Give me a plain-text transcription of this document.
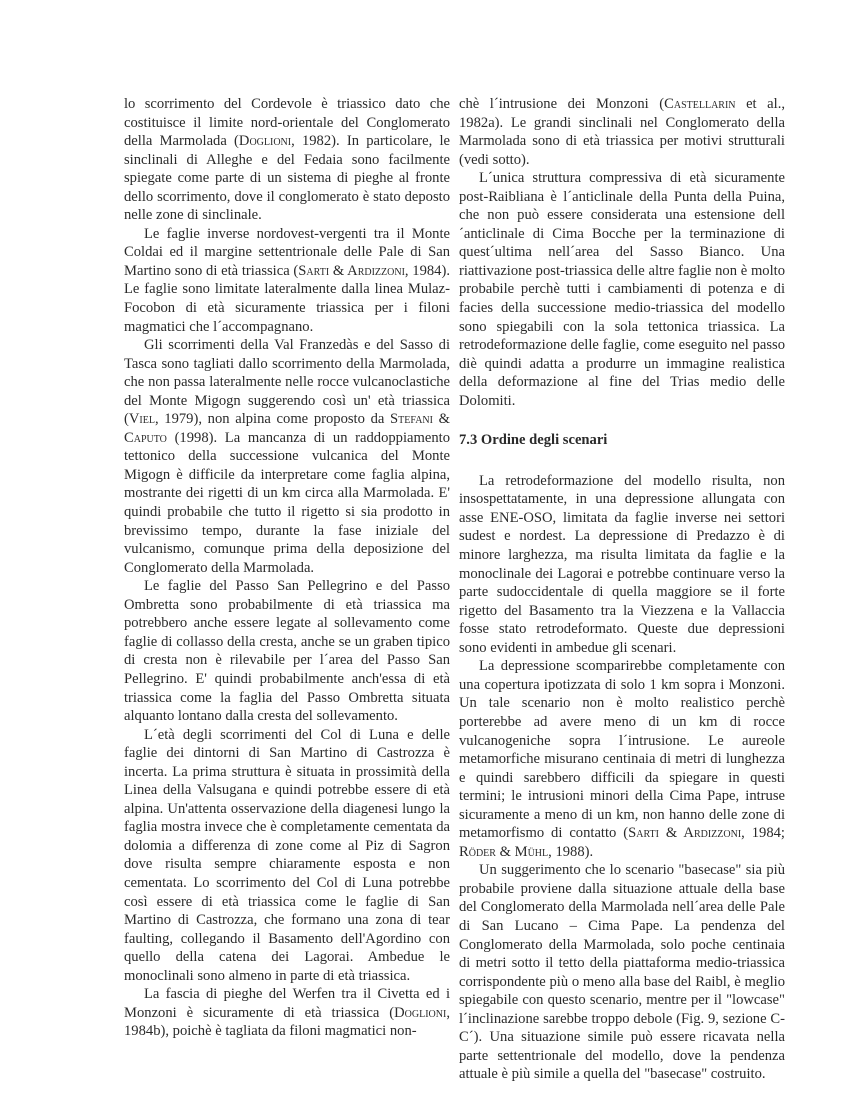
lo scorrimento del Cordevole è triassico dato che costituisce il limite nord-orientale del Conglomerato della Marmolada (Doglioni, 1982). In particolare, le sinclinali di Alleghe e del Fedaia sono facilmente spiegate come parte di un sistema di pieghe al fronte dello scorrimento, dove il conglomerato è stato deposto nelle zone di sinclinale.

Le faglie inverse nordovest-vergenti tra il Monte Coldai ed il margine settentrionale delle Pale di San Martino sono di età triassica (Sarti & Ardizzoni, 1984). Le faglie sono limitate lateralmente dalla linea Mulaz-Focobon di età sicuramente triassica per i filoni magmatici che l´accompagnano.

Gli scorrimenti della Val Franzedàs e del Sasso di Tasca sono tagliati dallo scorrimento della Marmolada, che non passa lateralmente nelle rocce vulcanoclastiche del Monte Migogn suggerendo così un' età triassica (Viel, 1979), non alpina come proposto da Stefani & Caputo (1998). La mancanza di un raddoppiamento tettonico della successione vulcanica del Monte Migogn è difficile da interpretare come faglia alpina, mostrante dei rigetti di un km circa alla Marmolada. E' quindi probabile che tutto il rigetto si sia prodotto in brevissimo tempo, durante la fase iniziale del vulcanismo, comunque prima della deposizione del Conglomerato della Marmolada.

Le faglie del Passo San Pellegrino e del Passo Ombretta sono probabilmente di età triassica ma potrebbero anche essere legate al sollevamento come faglie di collasso della cresta, anche se un graben tipico di cresta non è rilevabile per l´area del Passo San Pellegrino. E' quindi probabilmente anch'essa di età triassica come la faglia del Passo Ombretta situata alquanto lontano dalla cresta del sollevamento.

L´età degli scorrimenti del Col di Luna e delle faglie dei dintorni di San Martino di Castrozza è incerta. La prima struttura è situata in prossimità della Linea della Valsugana e quindi potrebbe essere di età alpina. Un'attenta osservazione della diagenesi lungo la faglia mostra invece che è completamente cementata da dolomia a differenza di zone come al Piz di Sagron dove risulta sempre chiaramente esposta e non cementata. Lo scorrimento del Col di Luna potrebbe così essere di età triassica come le faglie di San Martino di Castrozza, che formano una zona di tear faulting, collegando il Basamento dell'Agordino con quello della catena dei Lagorai. Ambedue le monoclinali sono almeno in parte di età triassica.

La fascia di pieghe del Werfen tra il Civetta ed i Monzoni è sicuramente di età triassica (Doglioni, 1984b), poichè è tagliata da filoni magmatici non-

chè l´intrusione dei Monzoni (Castellarin et al., 1982a). Le grandi sinclinali nel Conglomerato della Marmolada sono di età triassica per motivi strutturali (vedi sotto).

L´unica struttura compressiva di età sicuramente post-Raibliana è l´anticlinale della Punta della Puina, che non può essere considerata una estensione dell´anticlinale di Cima Bocche per la terminazione di quest´ultima nell´area del Sasso Bianco. Una riattivazione post-triassica delle altre faglie non è molto probabile perchè tutti i cambiamenti di potenza e di facies della successione medio-triassica del modello sono spiegabili con la sola tettonica triassica. La retrodeformazione delle faglie, come eseguito nel passo diè quindi adatta a produrre un immagine realistica della deformazione al fine del Trias medio delle Dolomiti.

7.3 Ordine degli scenari

La retrodeformazione del modello risulta, non insospettatamente, in una depressione allungata con asse ENE-OSO, limitata da faglie inverse nei settori sudest e nordest. La depressione di Predazzo è di minore larghezza, ma risulta limitata da faglie e la monoclinale dei Lagorai e potrebbe continuare verso la parte sudoccidentale di quella maggiore se il forte rigetto del Basamento tra la Viezzena e la Vallaccia fosse stato retrodeformato. Queste due depressioni sono evidenti in ambedue gli scenari.

La depressione scomparirebbe completamente con una copertura ipotizzata di solo 1 km sopra i Monzoni. Un tale scenario non è molto realistico perchè porterebbe ad avere meno di un km di rocce vulcanogeniche sopra l´intrusione. Le aureole metamorfiche misurano centinaia di metri di lunghezza e quindi sarebbero difficili da spiegare in questi termini; le intrusioni minori della Cima Pape, intruse sicuramente a meno di un km, non hanno delle zone di metamorfismo di contatto (Sarti & Ardizzoni, 1984; Röder & Mühl, 1988).

Un suggerimento che lo scenario "basecase" sia più probabile proviene dalla situazione attuale della base del Conglomerato della Marmolada nell´area delle Pale di San Lucano – Cima Pape. La pendenza del Conglomerato della Marmolada, solo poche centinaia di metri sotto il tetto della piattaforma medio-triassica corrispondente più o meno alla base del Raibl, è meglio spiegabile con questo scenario, mentre per il "lowcase" l´inclinazione sarebbe troppo debole (Fig. 9, sezione C-C´). Una situazione simile può essere ricavata nella parte settentrionale del modello, dove la pendenza attuale è più simile a quella del "basecase" costruito.
